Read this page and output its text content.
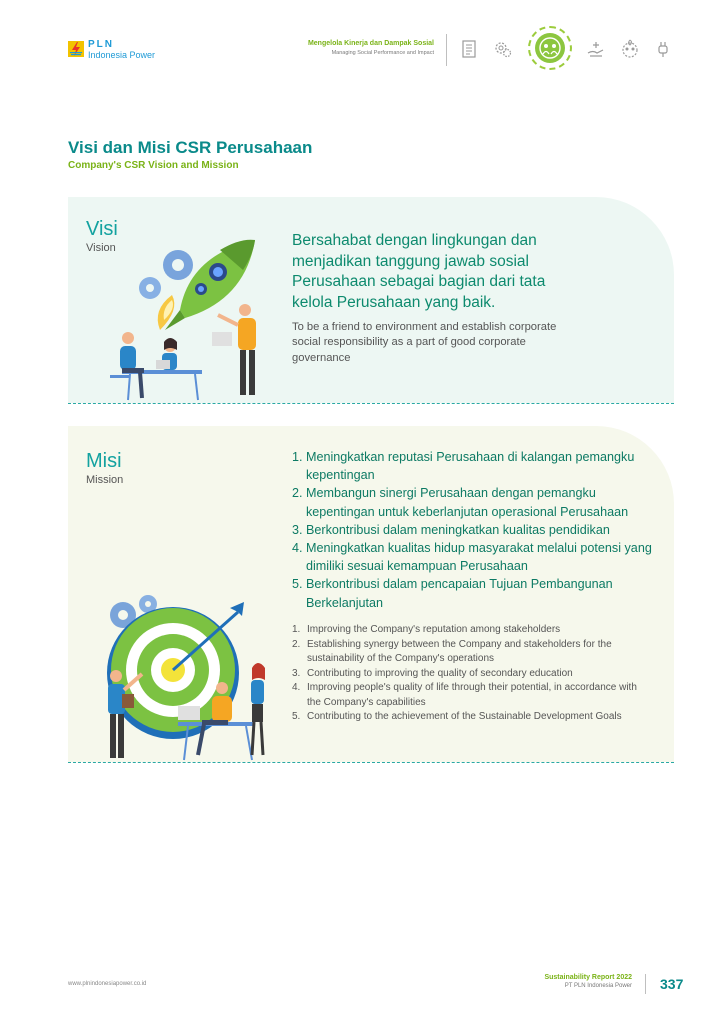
PLN
Indonesia Power
Mengelola Kinerja dan Dampak Sosial
Managing Social Performance and Impact
Visi dan Misi CSR Perusahaan
Company's CSR Vision and Mission
Visi
Vision	Bersahabat dengan lingkungan dan menjadikan tanggung jawab sosial Perusahaan sebagai bagian dari tata kelola Perusahaan yang baik.
To be a friend to environment and establish corporate social responsibility as a part of good corporate governance
Misi
Mission
1. Meningkatkan reputasi Perusahaan di kalangan pemangku kepentingan
2. Membangun sinergi Perusahaan dengan pemangku kepentingan untuk keberlanjutan operasional Perusahaan
3. Berkontribusi dalam meningkatkan kualitas pendidikan
4. Meningkatkan kualitas hidup masyarakat melalui potensi yang dimiliki sesuai kemampuan Perusahaan
5. Berkontribusi dalam pencapaian Tujuan Pembangunan Berkelanjutan
1. Improving the Company's reputation among stakeholders
2. Establishing synergy between the Company and stakeholders for the sustainability of the Company's operations
3. Contributing to improving the quality of secondary education
4. Improving people's quality of life through their potential, in accordance with the Company's capabilities
5. Contributing to the achievement of the Sustainable Development Goals
www.plnindonesiapower.co.id
Sustainability Report 2022
PT PLN Indonesia Power 337
